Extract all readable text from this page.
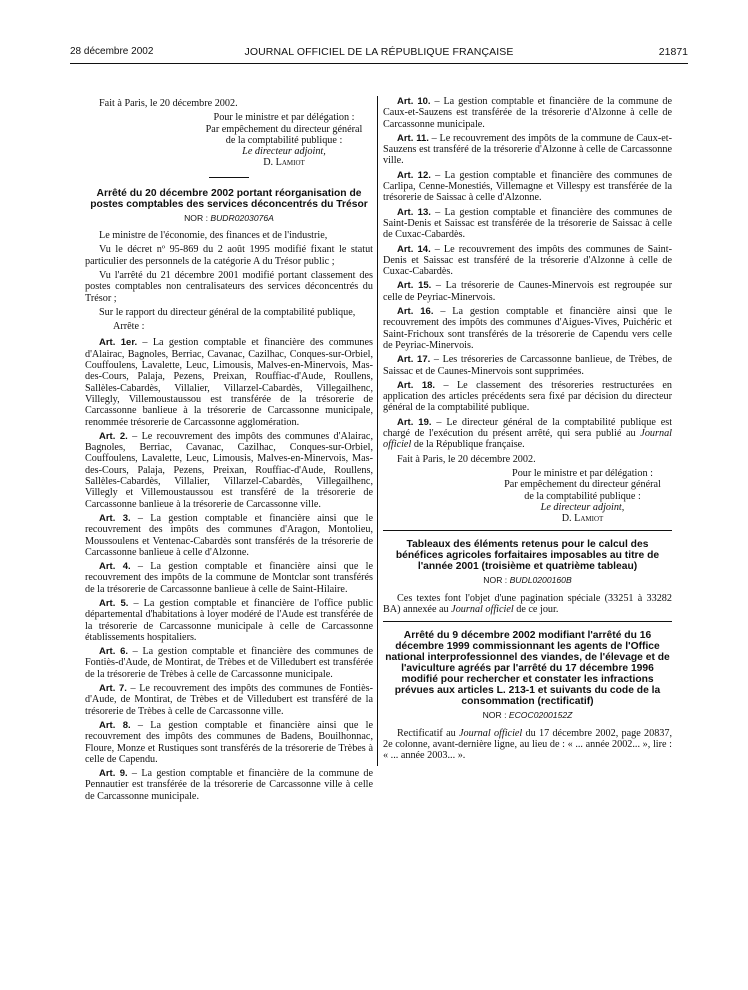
28 décembre 2002	JOURNAL OFFICIEL DE LA RÉPUBLIQUE FRANÇAISE	21871

Fait à Paris, le 20 décembre 2002.

Pour le ministre et par délégation :
Par empêchement du directeur général
de la comptabilité publique :
Le directeur adjoint,
D. Lamiot
Arrêté du 20 décembre 2002 portant réorganisation de postes comptables des services déconcentrés du Trésor
NOR : BUDR0203076A

Le ministre de l'économie, des finances et de l'industrie,

Vu le décret nº 95-869 du 2 août 1995 modifié fixant le statut particulier des personnels de la catégorie A du Trésor public ;

Vu l'arrêté du 21 décembre 2001 modifié portant classement des postes comptables non centralisateurs des services déconcentrés du Trésor ;

Sur le rapport du directeur général de la comptabilité publique,

Arrête :

Art. 1er. – La gestion comptable et financière des communes d'Alairac, Bagnoles, Berriac, Cavanac, Cazilhac, Conques-sur-Orbiel, Couffoulens, Lavalette, Leuc, Limousis, Malves-en-Minervois, Mas-des-Cours, Palaja, Pezens, Preixan, Rouffiac-d'Aude, Roullens, Sallèles-Cabardès, Villalier, Villarzel-Cabardès, Villegailhenc, Villegly, Villemoustaussou est transférée de la trésorerie de Carcassonne banlieue à la trésorerie de Carcassonne municipale, renommée trésorerie de Carcassonne agglomération.

Art. 2. – Le recouvrement des impôts des communes d'Alairac, Bagnoles, Berriac, Cavanac, Cazilhac, Conques-sur-Orbiel, Couffoulens, Lavalette, Leuc, Limousis, Malves-en-Minervois, Mas-des-Cours, Palaja, Pezens, Preixan, Rouffiac-d'Aude, Roullens, Sallèles-Cabardès, Villalier, Villarzel-Cabardès, Villegailhenc, Villegly et Villemoustaussou est transféré de la trésorerie de Carcassonne banlieue à la trésorerie de Carcassonne ville.

Art. 3. – La gestion comptable et financière ainsi que le recouvrement des impôts des communes d'Aragon, Montolieu, Moussoulens et Ventenac-Cabardès sont transférés de la trésorerie de Carcassonne banlieue à celle d'Alzonne.

Art. 4. – La gestion comptable et financière ainsi que le recouvrement des impôts de la commune de Montclar sont transférés de la trésorerie de Carcassonne banlieue à celle de Saint-Hilaire.

Art. 5. – La gestion comptable et financière de l'office public départemental d'habitations à loyer modéré de l'Aude est transférée de la trésorerie de Carcassonne municipale à celle de Carcassonne établissements hospitaliers.

Art. 6. – La gestion comptable et financière des communes de Fontiès-d'Aude, de Montirat, de Trèbes et de Villedubert est transférée de la trésorerie de Trèbes à celle de Carcassonne municipale.

Art. 7. – Le recouvrement des impôts des communes de Fontiès-d'Aude, de Montirat, de Trèbes et de Villedubert est transféré de la trésorerie de Trèbes à celle de Carcassonne ville.

Art. 8. – La gestion comptable et financière ainsi que le recouvrement des impôts des communes de Badens, Bouilhonnac, Floure, Monze et Rustiques sont transférés de la trésorerie de Trèbes à celle de Capendu.

Art. 9. – La gestion comptable et financière de la commune de Pennautier est transférée de la trésorerie de Carcassonne ville à celle de Carcassonne municipale.

Art. 10. – La gestion comptable et financière de la commune de Caux-et-Sauzens est transférée de la trésorerie d'Alzonne à celle de Carcassonne municipale.

Art. 11. – Le recouvrement des impôts de la commune de Caux-et-Sauzens est transféré de la trésorerie d'Alzonne à celle de Carcassonne ville.

Art. 12. – La gestion comptable et financière des communes de Carlipa, Cenne-Monestiés, Villemagne et Villespy est transférée de la trésorerie de Saissac à celle d'Alzonne.

Art. 13. – La gestion comptable et financière des communes de Saint-Denis et Saissac est transférée de la trésorerie de Saissac à celle de Cuxac-Cabardès.

Art. 14. – Le recouvrement des impôts des communes de Saint-Denis et Saissac est transféré de la trésorerie d'Alzonne à celle de Cuxac-Cabardès.

Art. 15. – La trésorerie de Caunes-Minervois est regroupée sur celle de Peyriac-Minervois.

Art. 16. – La gestion comptable et financière ainsi que le recouvrement des impôts des communes d'Aigues-Vives, Puichéric et Saint-Frichoux sont transférés de la trésorerie de Capendu vers celle de Peyriac-Minervois.

Art. 17. – Les trésoreries de Carcassonne banlieue, de Trèbes, de Saissac et de Caunes-Minervois sont supprimées.

Art. 18. – Le classement des trésoreries restructurées en application des articles précédents sera fixé par décision du directeur général de la comptabilité publique.

Art. 19. – Le directeur général de la comptabilité publique est chargé de l'exécution du présent arrêté, qui sera publié au Journal officiel de la République française.

Fait à Paris, le 20 décembre 2002.

Pour le ministre et par délégation :
Par empêchement du directeur général
de la comptabilité publique :
Le directeur adjoint,
D. Lamiot
Tableaux des éléments retenus pour le calcul des bénéfices agricoles forfaitaires imposables au titre de l'année 2001 (troisième et quatrième tableau)
NOR : BUDL0200160B

Ces textes font l'objet d'une pagination spéciale (33251 à 33282 BA) annexée au Journal officiel de ce jour.

Arrêté du 9 décembre 2002 modifiant l'arrêté du 16 décembre 1999 commissionnant les agents de l'Office national interprofessionnel des viandes, de l'élevage et de l'aviculture agréés par l'arrêté du 17 décembre 1996 modifié pour rechercher et constater les infractions prévues aux articles L. 213-1 et suivants du code de la consommation (rectificatif)
NOR : ECOC0200152Z

Rectificatif au Journal officiel du 17 décembre 2002, page 20837, 2e colonne, avant-dernière ligne, au lieu de : « ... année 2002... », lire : « ... année 2003... ».
